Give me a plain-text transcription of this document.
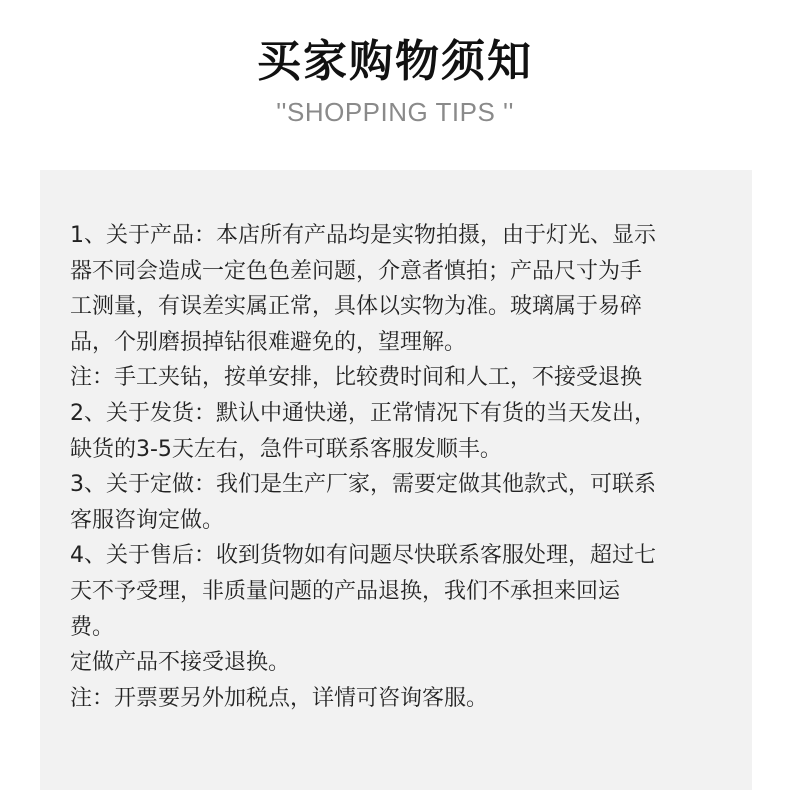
买家购物须知
''SHOPPING TIPS ''
1、关于产品：本店所有产品均是实物拍摄，由于灯光、显示
器不同会造成一定色色差问题，介意者慎拍；产品尺寸为手
工测量，有误差实属正常，具体以实物为准。玻璃属于易碎
品，个别磨损掉钻很难避免的，望理解。
注：手工夹钻，按单安排，比较费时间和人工，不接受退换
2、关于发货：默认中通快递，正常情况下有货的当天发出，
缺货的3-5天左右，急件可联系客服发顺丰。
3、关于定做：我们是生产厂家，需要定做其他款式，可联系
客服咨询定做。
4、关于售后：收到货物如有问题尽快联系客服处理，超过七
天不予受理，非质量问题的产品退换，我们不承担来回运
费。
定做产品不接受退换。
注：开票要另外加税点，详情可咨询客服。
